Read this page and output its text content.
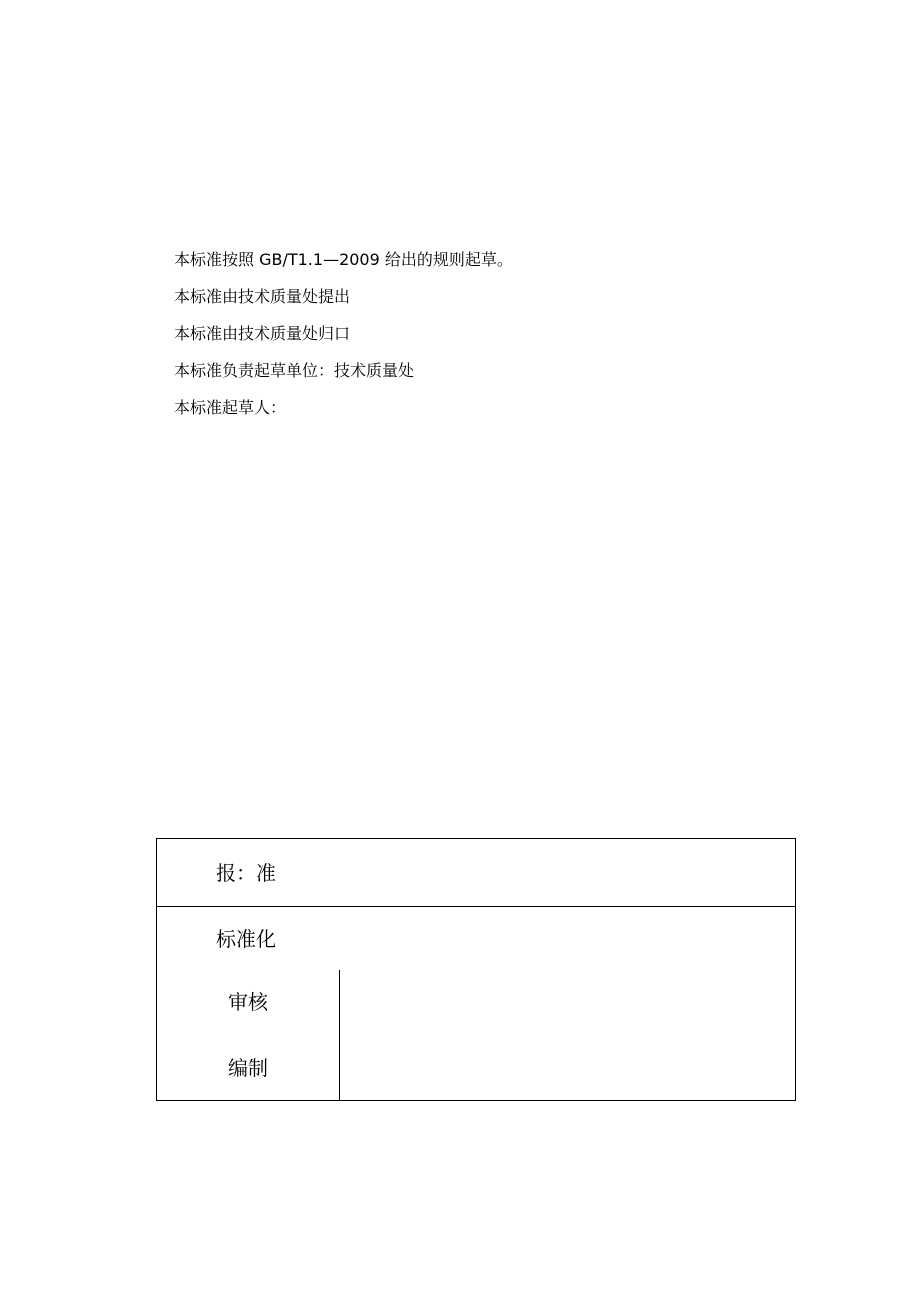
本标准按照 GB/T1.1—2009 给出的规则起草。
本标准由技术质量处提出
本标准由技术质量处归口
本标准负责起草单位：技术质量处
本标准起草人：
报：准
标准化
审核
编制
